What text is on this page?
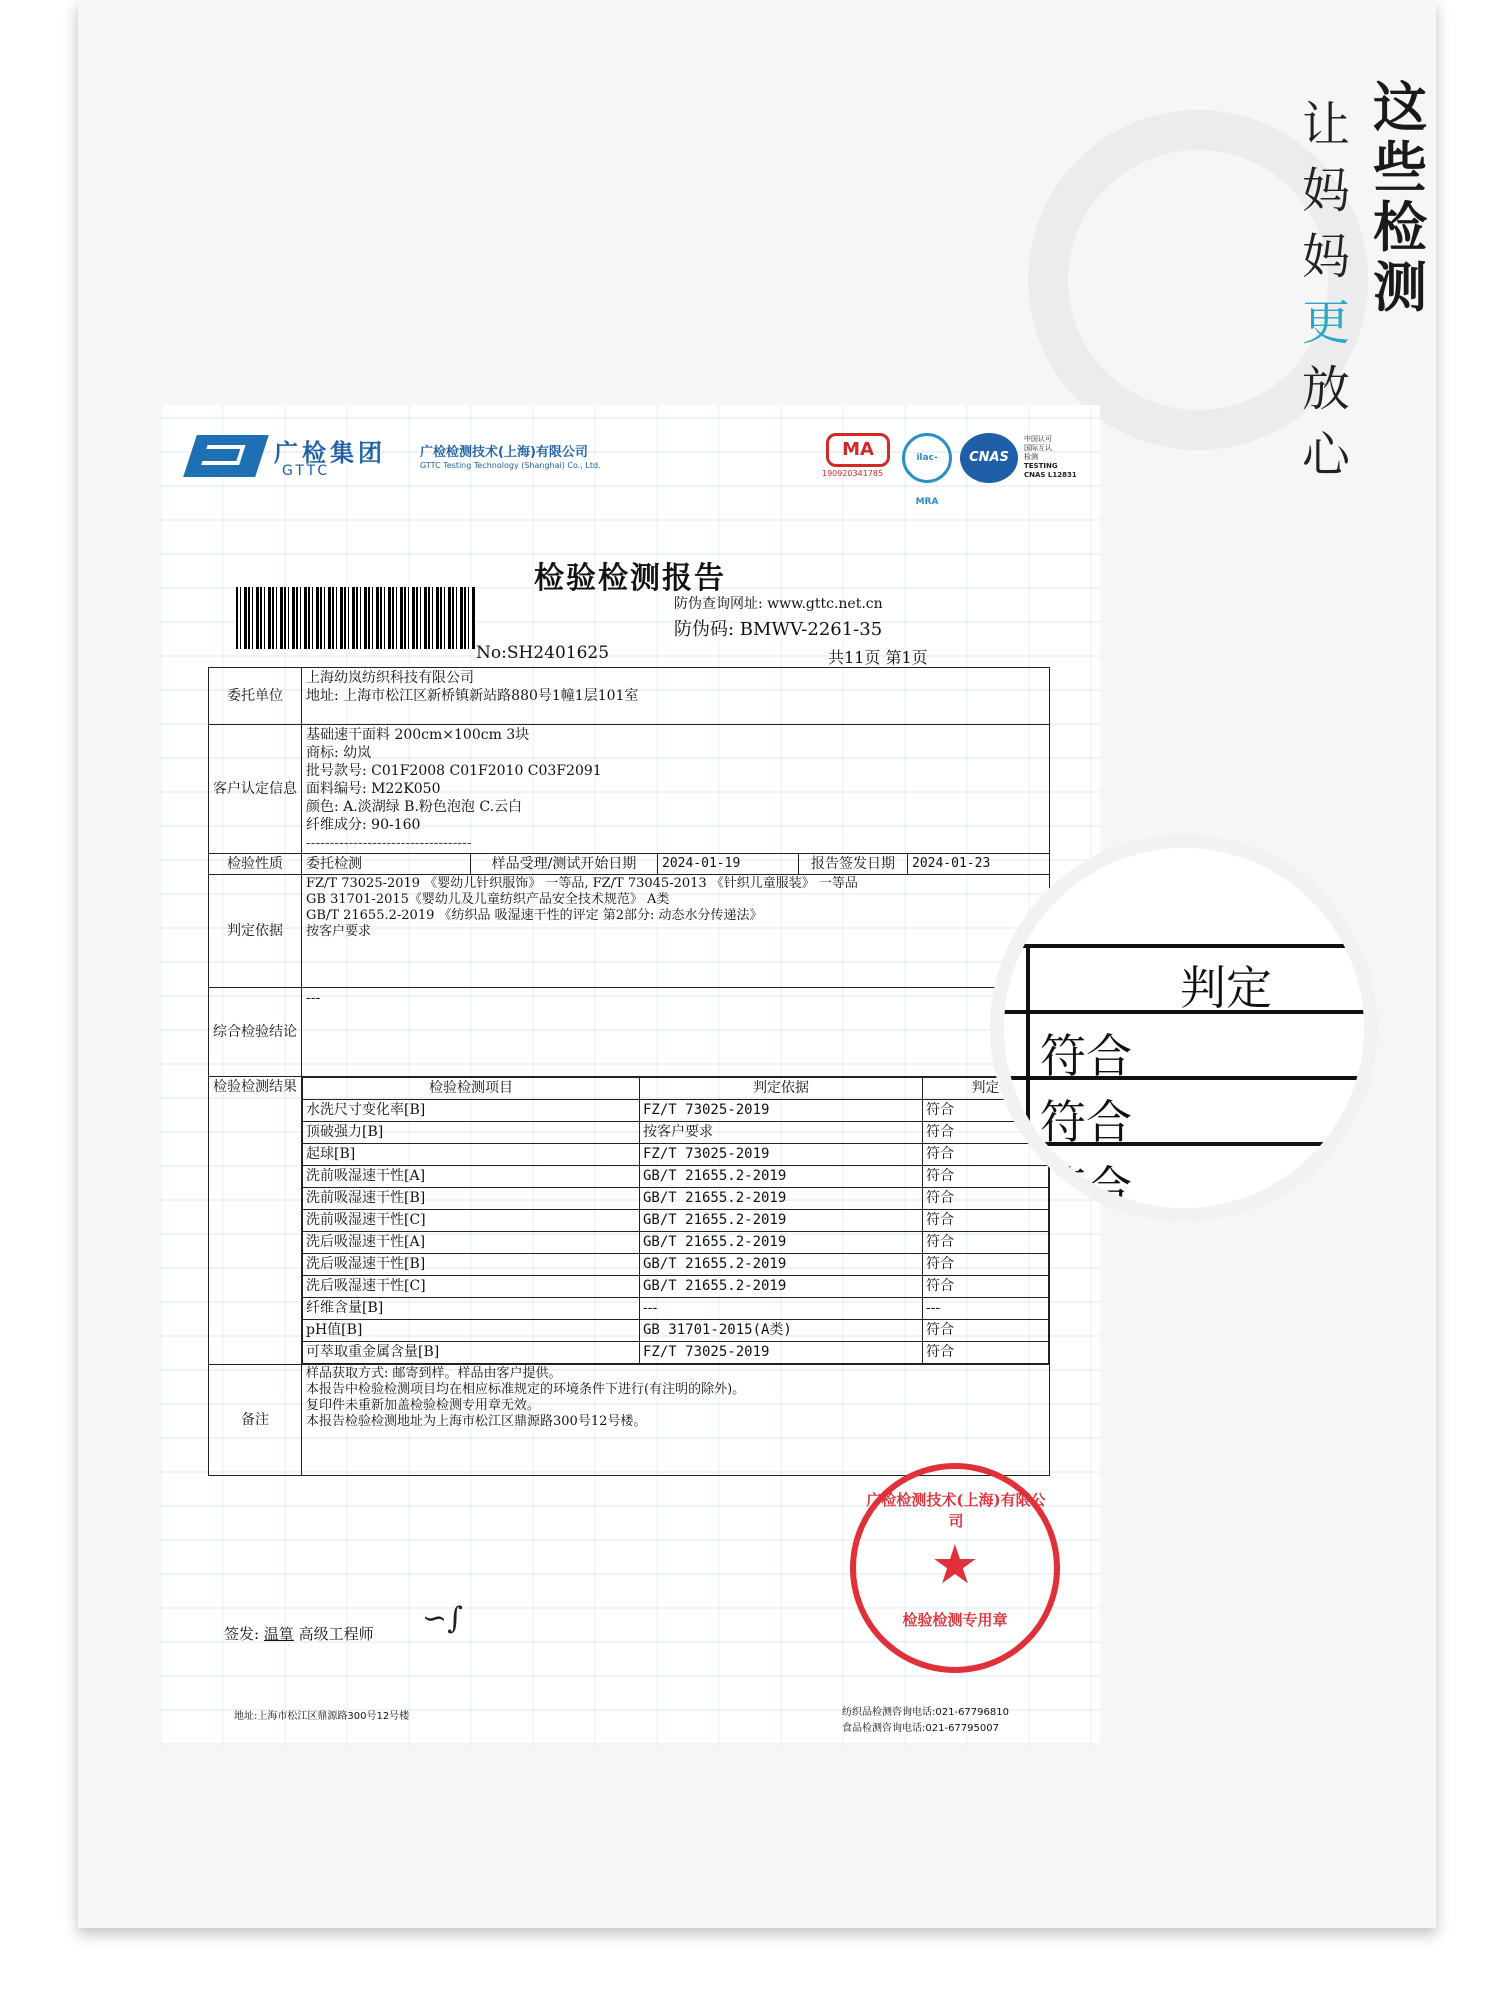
让
妈
妈
更
放
心
这
些
检
测
广检集团
GTTC
广检检测技术(上海)有限公司
GTTC Testing Technology (Shanghai) Co., Ltd.
MA
190920341785
ilac-MRA
CNAS
中国认可
国际互认
检测
TESTING
CNAS L12831
检验检测报告
防伪查询网址: www.gttc.net.cn
防伪码: BMWV-2261-35
No:SH2401625	共11页 第1页
委托单位	
上海幼岚纺织科技有限公司
地址: 上海市松江区新桥镇新站路880号1幢1层101室

客户认定信息	
基础速干面料 200cm×100cm 3块
商标: 幼岚
批号款号: C01F2008 C01F2010 C03F2091
面料编号: M22K050
颜色: A.淡湖绿 B.粉色泡泡 C.云白
纤维成分: 90-160
-----------------------------------

检验性质	委托检测	样品受理/测试开始日期	2024-01-19	报告签发日期	2024-01-23
判定依据	
FZ/T 73025-2019 《婴幼儿针织服饰》 一等品, FZ/T 73045-2013 《针织儿童服装》 一等品
GB 31701-2015《婴幼儿及儿童纺织产品安全技术规范》 A类
GB/T 21655.2-2019 《纺织品 吸湿速干性的评定 第2部分: 动态水分传递法》
按客户要求

综合检验结论	---
检验检测结果		检验检测项目	判定依据	判定
水洗尺寸变化率[B]	FZ/T 73025-2019	符合
顶破强力[B]	按客户要求	符合
起球[B]	FZ/T 73025-2019	符合
洗前吸湿速干性[A]	GB/T 21655.2-2019	符合
洗前吸湿速干性[B]	GB/T 21655.2-2019	符合
洗前吸湿速干性[C]	GB/T 21655.2-2019	符合
洗后吸湿速干性[A]	GB/T 21655.2-2019	符合
洗后吸湿速干性[B]	GB/T 21655.2-2019	符合
洗后吸湿速干性[C]	GB/T 21655.2-2019	符合
纤维含量[B]	---	---
pH值[B]	GB 31701-2015(A类)	符合
可萃取重金属含量[B]	FZ/T 73025-2019	符合

备注	
样品获取方式: 邮寄到样。样品由客户提供。
本报告中检验检测项目均在相应标准规定的环境条件下进行(有注明的除外)。
复印件未重新加盖检验检测专用章无效。
本报告检验检测地址为上海市松江区鼎源路300号12号楼。
签发: 温篁 高级工程师 ∽∫
广检检测技术(上海)有限公司
★
检验检测专用章
地址:上海市松江区鼎源路300号12号楼	纺织品检测咨询电话:021-67796810
食品检测咨询电话:021-67795007
判定
符合
符合
符合
